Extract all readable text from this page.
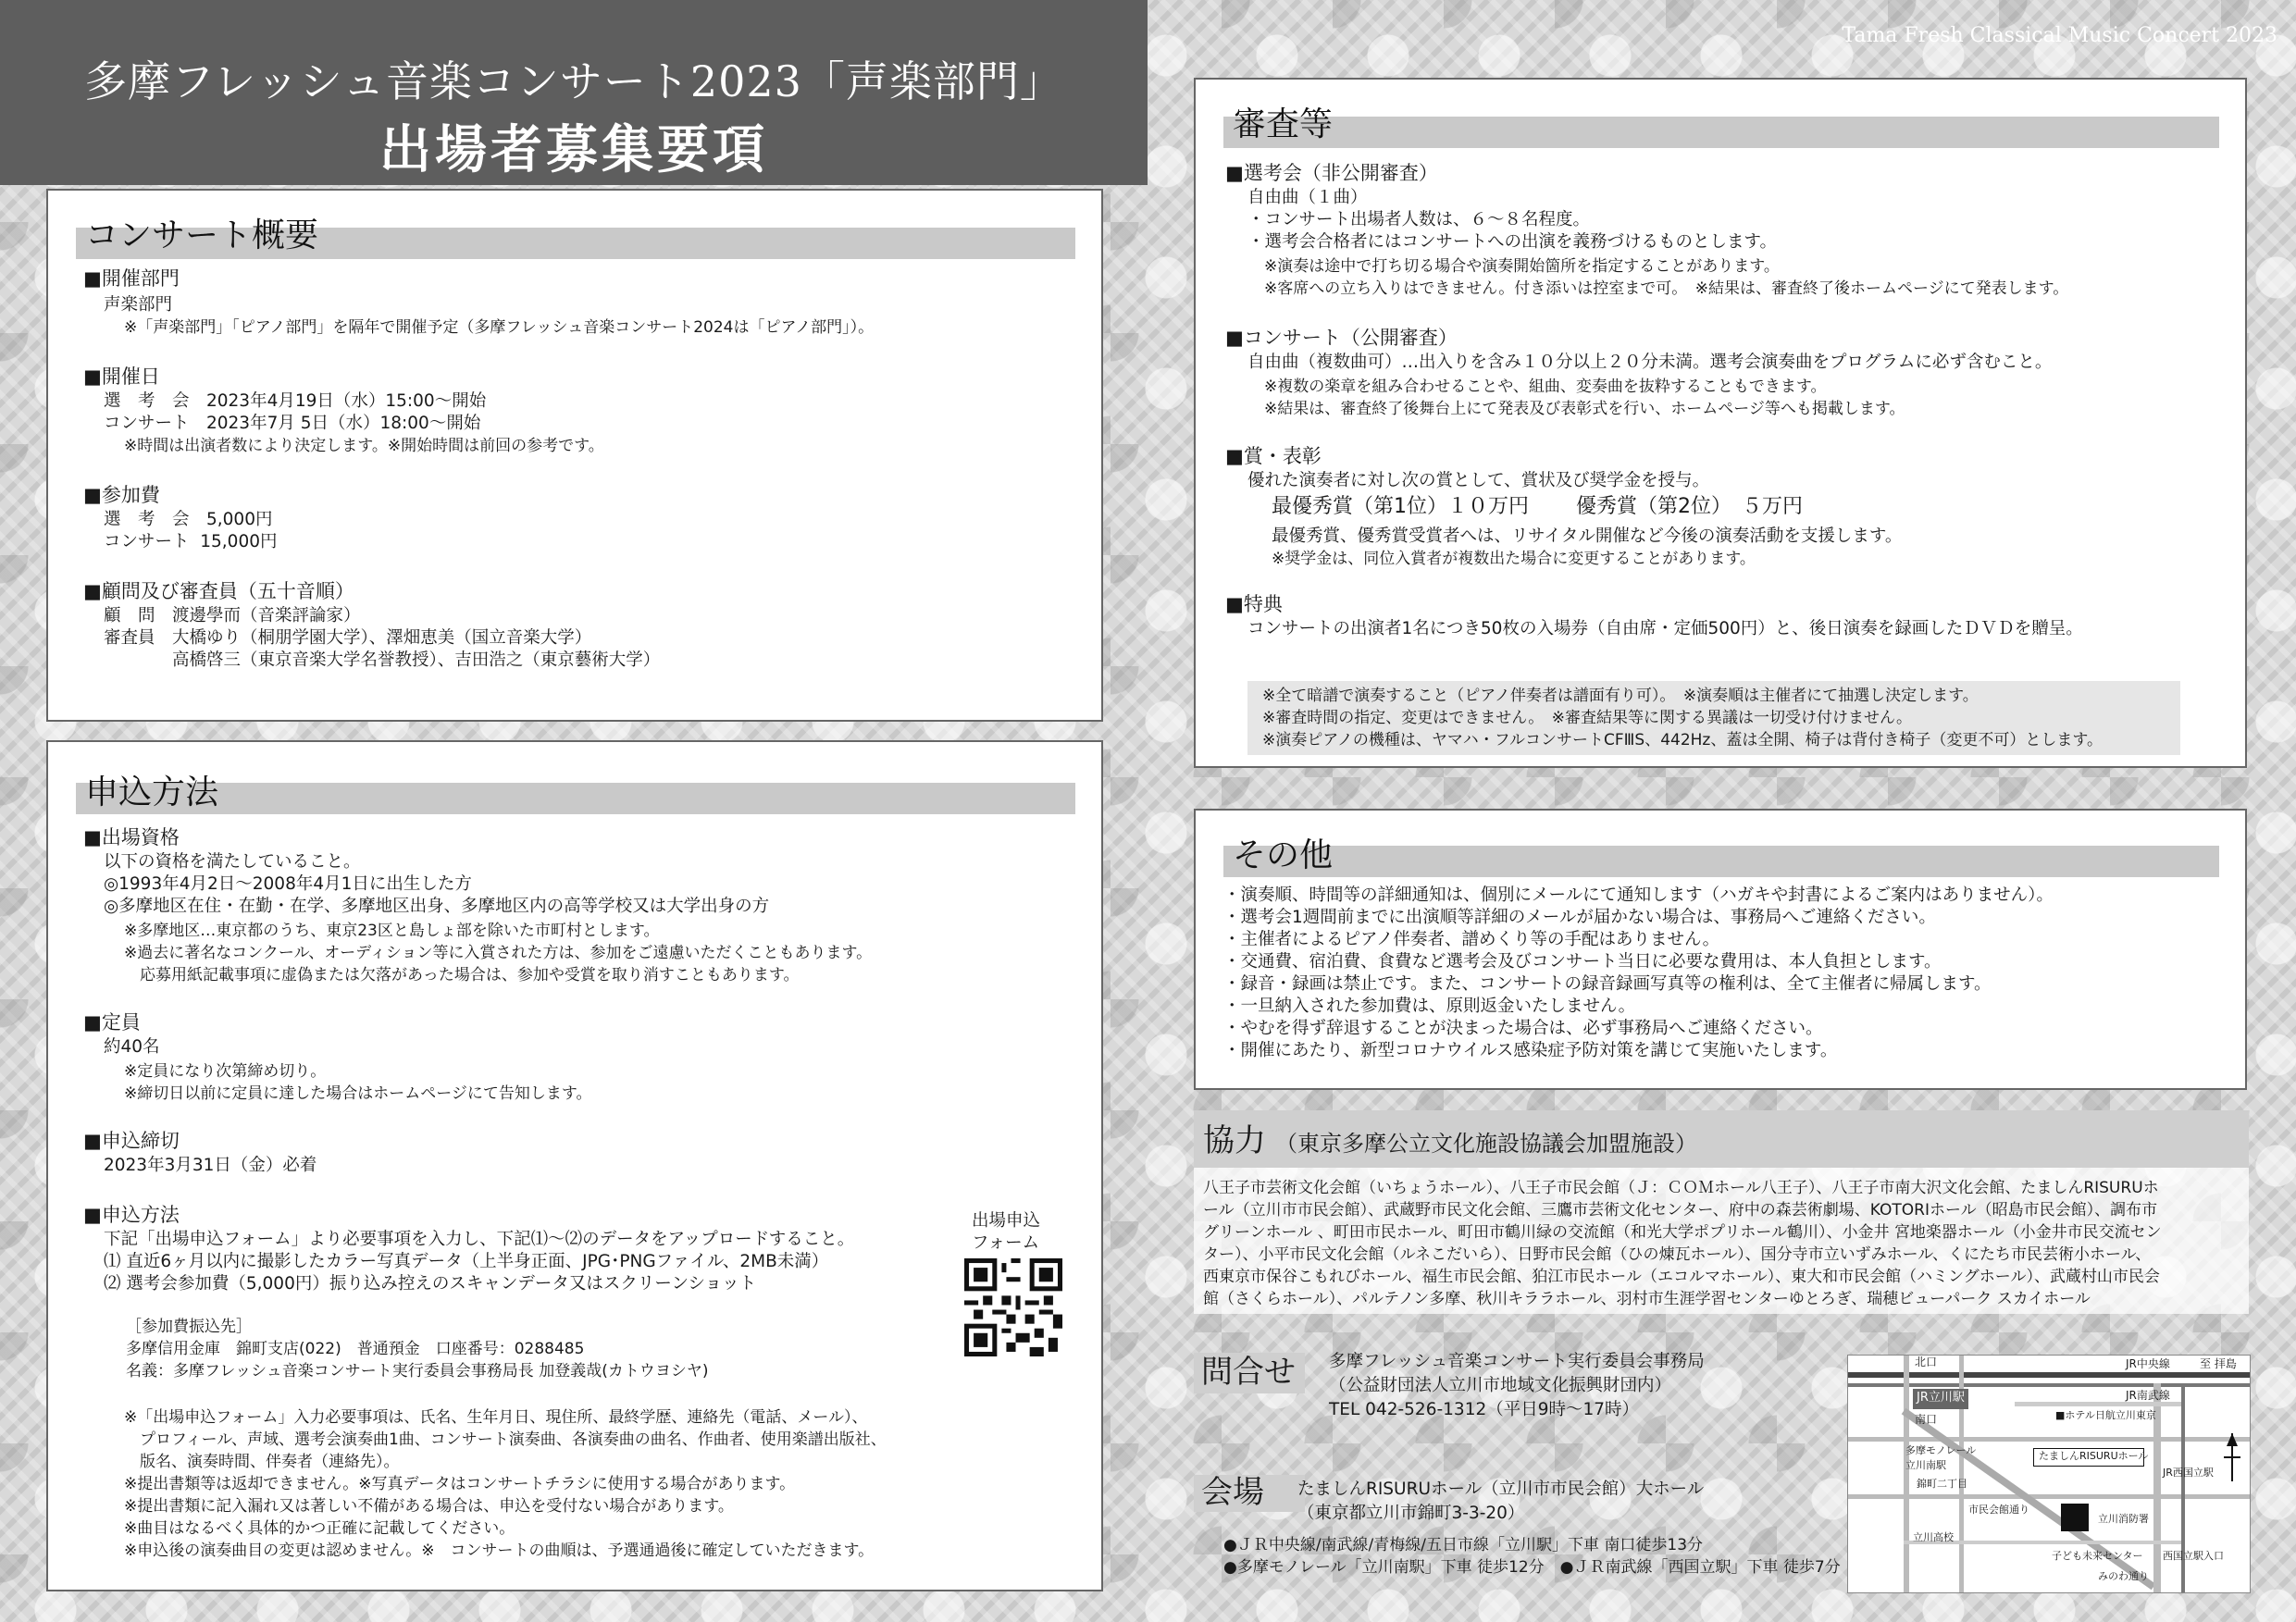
多摩フレッシュ音楽コンサート2023「声楽部門」
出場者募集要項
Tama Fresh Classical Music Concert 2023
コンサート概要
■開催部門
声楽部門
※「声楽部門」「ピアノ部門」を隔年で開催予定（多摩フレッシュ音楽コンサート2024は「ピアノ部門」）。
■開催日
選　考　会　2023年4月19日（水）15:00～開始
コンサート　2023年7月 5日（水）18:00～開始
※時間は出演者数により決定します。※開始時間は前回の参考です。
■参加費
選　考　会　5,000円
コンサート  15,000円
■顧問及び審査員（五十音順）
顧　問　渡邊學而（音楽評論家）
審査員　大橋ゆり（桐朋学園大学）、澤畑恵美（国立音楽大学）
　　　　高橋啓三（東京音楽大学名誉教授）、吉田浩之（東京藝術大学）
申込方法
■出場資格
以下の資格を満たしていること。
◎1993年4月2日～2008年4月1日に出生した方
◎多摩地区在住・在勤・在学、多摩地区出身、多摩地区内の高等学校又は大学出身の方
※多摩地区…東京都のうち、東京23区と島しょ部を除いた市町村とします。
※過去に著名なコンクール、オーディション等に入賞された方は、参加をご遠慮いただくこともあります。
　応募用紙記載事項に虚偽または欠落があった場合は、参加や受賞を取り消すこともあります。
■定員
約40名
※定員になり次第締め切り。
※締切日以前に定員に達した場合はホームページにて告知します。
■申込締切
2023年3月31日（金）必着
■申込方法
下記「出場申込フォーム」より必要事項を入力し、下記⑴～⑵のデータをアップロードすること。
⑴ 直近6ヶ月以内に撮影したカラー写真データ（上半身正面、JPG･PNGファイル、2MB未満）
⑵ 選考会参加費（5,000円）振り込み控えのスキャンデータ又はスクリーンショット
出場申込
フォーム
［参加費振込先］
多摩信用金庫　錦町支店(022)　普通預金　口座番号：0288485
名義：多摩フレッシュ音楽コンサート実行委員会事務局長 加登義哉(カトウヨシヤ)
※「出場申込フォーム」入力必要事項は、氏名、生年月日、現住所、最終学歴、連絡先（電話、メール）、
　プロフィール、声域、選考会演奏曲1曲、コンサート演奏曲、各演奏曲の曲名、作曲者、使用楽譜出版社、
　版名、演奏時間、伴奏者（連絡先）。
※提出書類等は返却できません。※写真データはコンサートチラシに使用する場合があります。
※提出書類に記入漏れ又は著しい不備がある場合は、申込を受付ない場合があります。
※曲目はなるべく具体的かつ正確に記載してください。
※申込後の演奏曲目の変更は認めません。※　コンサートの曲順は、予選通過後に確定していただきます。
審査等
■選考会（非公開審査）
自由曲（１曲）
・コンサート出場者人数は、６～８名程度。
・選考会合格者にはコンサートへの出演を義務づけるものとします。
※演奏は途中で打ち切る場合や演奏開始箇所を指定することがあります。
※客席への立ち入りはできません。付き添いは控室まで可。　※結果は、審査終了後ホームページにて発表します。
■コンサート（公開審査）
自由曲（複数曲可）…出入りを含み１０分以上２０分未満。選考会演奏曲をプログラムに必ず含むこと。
※複数の楽章を組み合わせることや、組曲、変奏曲を抜粋することもできます。
※結果は、審査終了後舞台上にて発表及び表彰式を行い、ホームページ等へも掲載します。
■賞・表彰
優れた演奏者に対し次の賞として、賞状及び奨学金を授与。
最優秀賞（第1位）１０万円　　 優秀賞（第2位）　５万円
最優秀賞、優秀賞受賞者へは、リサイタル開催など今後の演奏活動を支援します。
※奨学金は、同位入賞者が複数出た場合に変更することがあります。
■特典
コンサートの出演者1名につき50枚の入場券（自由席・定価500円）と、後日演奏を録画したＤＶＤを贈呈。
※全て暗譜で演奏すること（ピアノ伴奏者は譜面有り可）。　※演奏順は主催者にて抽選し決定します。
※審査時間の指定、変更はできません。　※審査結果等に関する異議は一切受け付けません。
※演奏ピアノの機種は、ヤマハ・フルコンサートCFⅢS、442Hz、蓋は全開、椅子は背付き椅子（変更不可）とします。
その他
・演奏順、時間等の詳細通知は、個別にメールにて通知します（ハガキや封書によるご案内はありません）。
・選考会1週間前までに出演順等詳細のメールが届かない場合は、事務局へご連絡ください。
・主催者によるピアノ伴奏者、譜めくり等の手配はありません。
・交通費、宿泊費、食費など選考会及びコンサート当日に必要な費用は、本人負担とします。
・録音・録画は禁止です。また、コンサートの録音録画写真等の権利は、全て主催者に帰属します。
・一旦納入された参加費は、原則返金いたしません。
・やむを得ず辞退することが決まった場合は、必ず事務局へご連絡ください。
・開催にあたり、新型コロナウイルス感染症予防対策を講じて実施いたします。
協力 （東京多摩公立文化施設協議会加盟施設）
八王子市芸術文化会館（いちょうホール）、八王子市民会館（Ｊ：ＣＯＭホール八王子）、八王子市南大沢文化会館、たましんRISURUホ
ール（立川市市民会館）、武蔵野市民文化会館、三鷹市芸術文化センター、府中の森芸術劇場、KOTORIホール（昭島市民会館）、調布市
グリーンホール 、町田市民ホール、町田市鶴川緑の交流館（和光大学ポプリホール鶴川）、小金井 宮地楽器ホール（小金井市民交流セン
ター）、小平市民文化会館（ルネこだいら）、日野市民会館（ひの煉瓦ホール）、国分寺市立いずみホール、くにたち市民芸術小ホール、
西東京市保谷こもれびホール、福生市民会館、狛江市民ホール（エコルマホール）、東大和市民会館（ハミングホール）、武蔵村山市民会
館（さくらホール）、パルテノン多摩、秋川キララホール、羽村市生涯学習センターゆとろぎ、瑞穂ビューパーク スカイホール
問合せ 多摩フレッシュ音楽コンサート実行委員会事務局
（公益財団法人立川市地域文化振興財団内）
TEL 042-526-1312（平日9時～17時）
会場 たましんRISURUホール（立川市市民会館）大ホール
（東京都立川市錦町3-3-20）
●ＪＲ中央線/南武線/青梅線/五日市線「立川駅」下車 南口徒歩13分
●多摩モノレール「立川南駅」下車 徒歩12分　●ＪＲ南武線「西国立駅」下車 徒歩7分
北口
JR立川駅
JR中央線	至 拝島
JR南武線
南口	■ホテル日航立川東京
多摩モノレール
立川南駅
たましんRISURUホール
JR西国立駅
錦町二丁目
市民会館通り
立川消防署
立川高校
子ども未来センター 西国立駅入口
みのわ通り
